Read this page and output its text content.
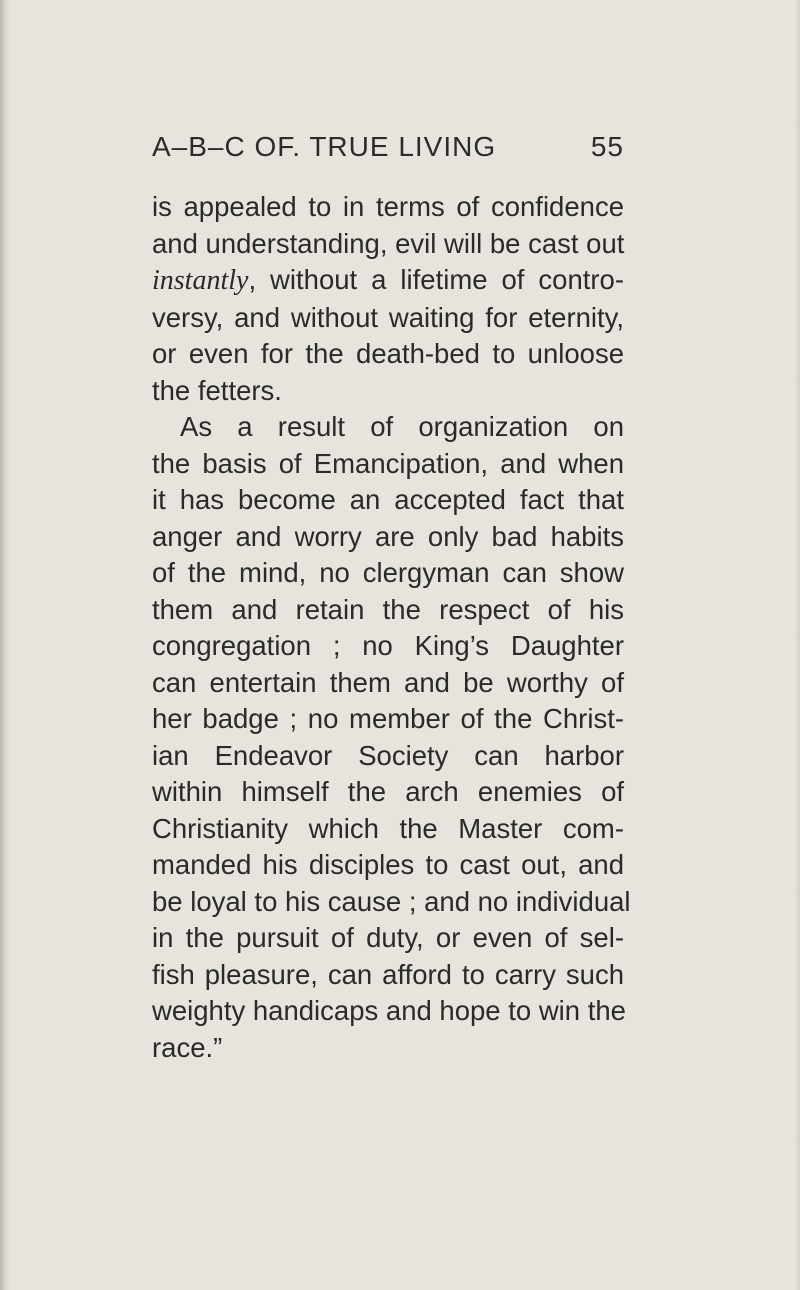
A–B–C OF. TRUE LIVING	55
is appealed to in terms of confidence
and understanding, evil will be cast out
instantly, without a lifetime of contro-
versy, and without waiting for eternity,
or even for the death-bed to unloose
the fetters.
As a result of organization on
the basis of Emancipation, and when
it has become an accepted fact that
anger and worry are only bad habits
of the mind, no clergyman can show
them and retain the respect of his
congregation ; no King’s Daughter
can entertain them and be worthy of
her badge ; no member of the Christ-
ian Endeavor Society can harbor
within himself the arch enemies of
Christianity which the Master com-
manded his disciples to cast out, and
be loyal to his cause ; and no individual
in the pursuit of duty, or even of sel-
fish pleasure, can afford to carry such
weighty handicaps and hope to win the
race.”
